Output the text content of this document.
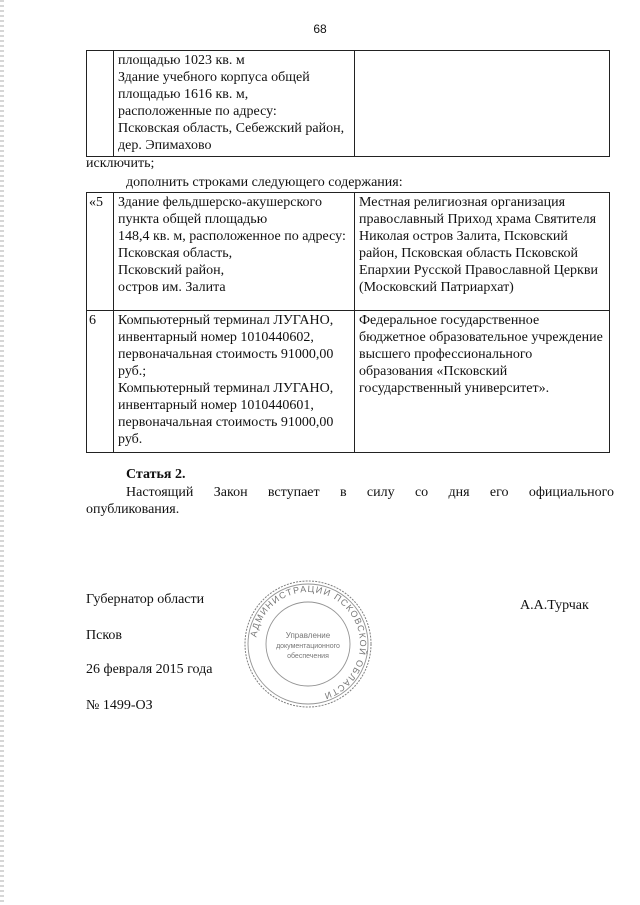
68
	площадью 1023 кв. м
Здание учебного корпуса общей площадью 1616 кв. м,
расположенные по адресу:
Псковская область, Себежский район, дер. Эпимахово	
исключить;
дополнить строками следующего содержания:
«5	Здание фельдшерско-акушерского пункта общей площадью
148,4 кв. м, расположенное по адресу: Псковская область,
Псковский район,
остров им. Залита	Местная религиозная организация православный Приход храма Святителя Николая остров Залита, Псковский район, Псковская область Псковской Епархии Русской Православной Церкви (Московский Патриархат)
6	Компьютерный терминал ЛУГАНО, инвентарный номер 1010440602, первоначальная стоимость 91000,00 руб.;
Компьютерный терминал ЛУГАНО, инвентарный номер 1010440601, первоначальная стоимость 91000,00 руб.	Федеральное государственное бюджетное образовательное учреждение высшего профессионального образования «Псковский государственный университет».
Статья 2.
Настоящий Закон вступает в силу со дня его официального
опубликования.
Губернатор области
Псков
26 февраля 2015 года
№ 1499-ОЗ
А.А.Турчак
АДМИНИСТРАЦИИ ПСКОВСКОЙ ОБЛАСТИ
Управление
документационного
обеспечения
